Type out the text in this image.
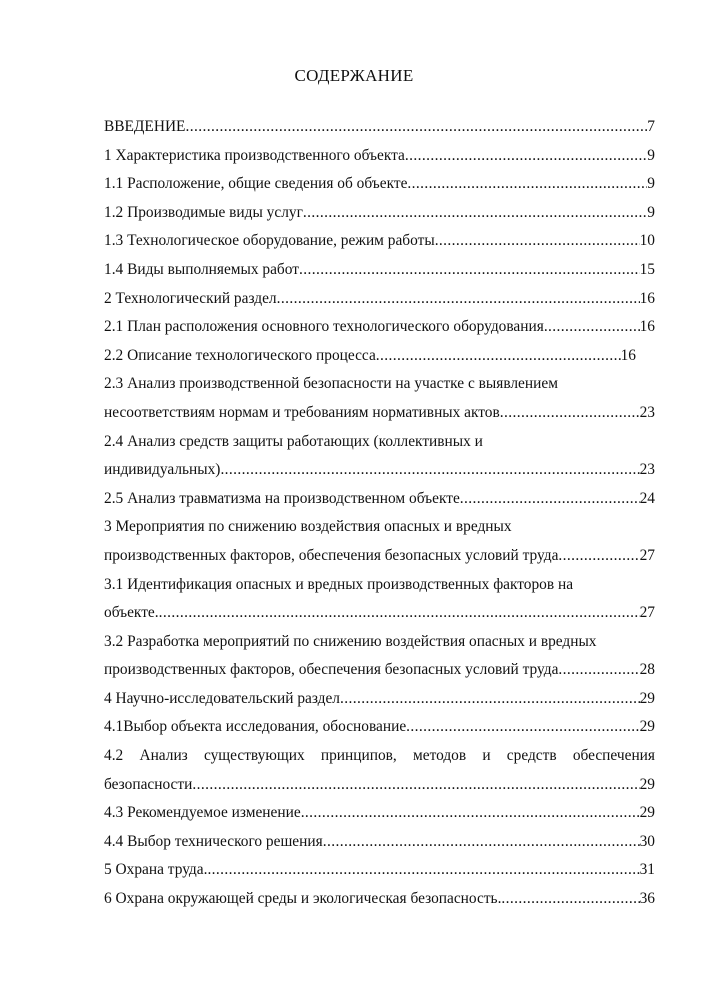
СОДЕРЖАНИЕ
ВВЕДЕНИЕ .....	7
1 Характеристика производственного объекта .....	9
1.1 Расположение, общие сведения об объекте .....	9
1.2 Производимые виды услуг .....	9
1.3 Технологическое оборудование, режим работы .....	10
1.4 Виды выполняемых работ .....	15
2 Технологический раздел .....	16
2.1 План расположения основного технологического оборудования .....	16
2.2 Описание технологического процесса .....	16
2.3 Анализ производственной безопасности на участке с выявлением
несоответствиям нормам и требованиям нормативных актов .....	23
2.4 Анализ средств защиты работающих (коллективных и
индивидуальных) .....	23
2.5 Анализ травматизма на производственном объекте .....	24
3 Мероприятия по снижению воздействия опасных и вредных
производственных факторов, обеспечения безопасных условий труда .....	27
3.1 Идентификация опасных и вредных производственных факторов на
объекте. .....	27
3.2 Разработка мероприятий по снижению воздействия опасных и вредных
производственных факторов, обеспечения безопасных условий труда .....	28
4 Научно-исследовательский раздел .....	29
4.1Выбор объекта исследования, обоснование .....	29
4.2 Анализ существующих принципов, методов и средств обеспечения
безопасности .....	29
4.3 Рекомендуемое изменение .....	29
4.4 Выбор технического решения .....	30
5 Охрана труда. .....	31
6 Охрана окружающей среды и экологическая безопасность. .....	36
